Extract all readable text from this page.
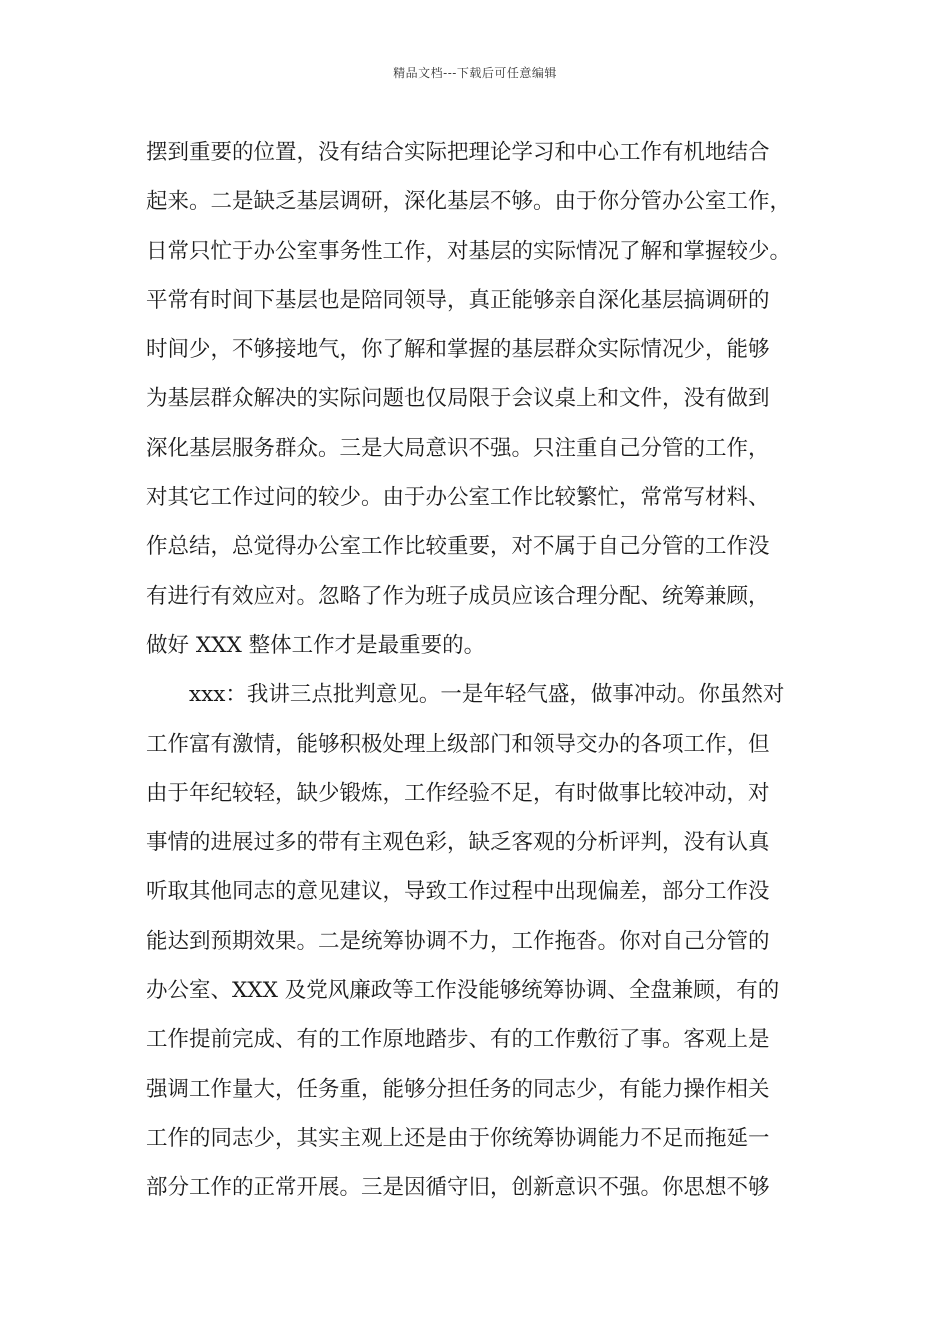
精品文档---下载后可任意编辑
摆到重要的位置，没有结合实际把理论学习和中心工作有机地结合
起来。二是缺乏基层调研，深化基层不够。由于你分管办公室工作，
日常只忙于办公室事务性工作，对基层的实际情况了解和掌握较少。
平常有时间下基层也是陪同领导，真正能够亲自深化基层搞调研的
时间少，不够接地气，你了解和掌握的基层群众实际情况少，能够
为基层群众解决的实际问题也仅局限于会议桌上和文件，没有做到
深化基层服务群众。三是大局意识不强。只注重自己分管的工作，
对其它工作过问的较少。由于办公室工作比较繁忙，常常写材料、
作总结，总觉得办公室工作比较重要，对不属于自己分管的工作没
有进行有效应对。忽略了作为班子成员应该合理分配、统筹兼顾，
做好 XXX 整体工作才是最重要的。
xxx：我讲三点批判意见。一是年轻气盛，做事冲动。你虽然对
工作富有激情，能够积极处理上级部门和领导交办的各项工作，但
由于年纪较轻，缺少锻炼，工作经验不足，有时做事比较冲动，对
事情的进展过多的带有主观色彩，缺乏客观的分析评判，没有认真
听取其他同志的意见建议，导致工作过程中出现偏差，部分工作没
能达到预期效果。二是统筹协调不力，工作拖沓。你对自己分管的
办公室、XXX 及党风廉政等工作没能够统筹协调、全盘兼顾，有的
工作提前完成、有的工作原地踏步、有的工作敷衍了事。客观上是
强调工作量大，任务重，能够分担任务的同志少，有能力操作相关
工作的同志少，其实主观上还是由于你统筹协调能力不足而拖延一
部分工作的正常开展。三是因循守旧，创新意识不强。你思想不够
